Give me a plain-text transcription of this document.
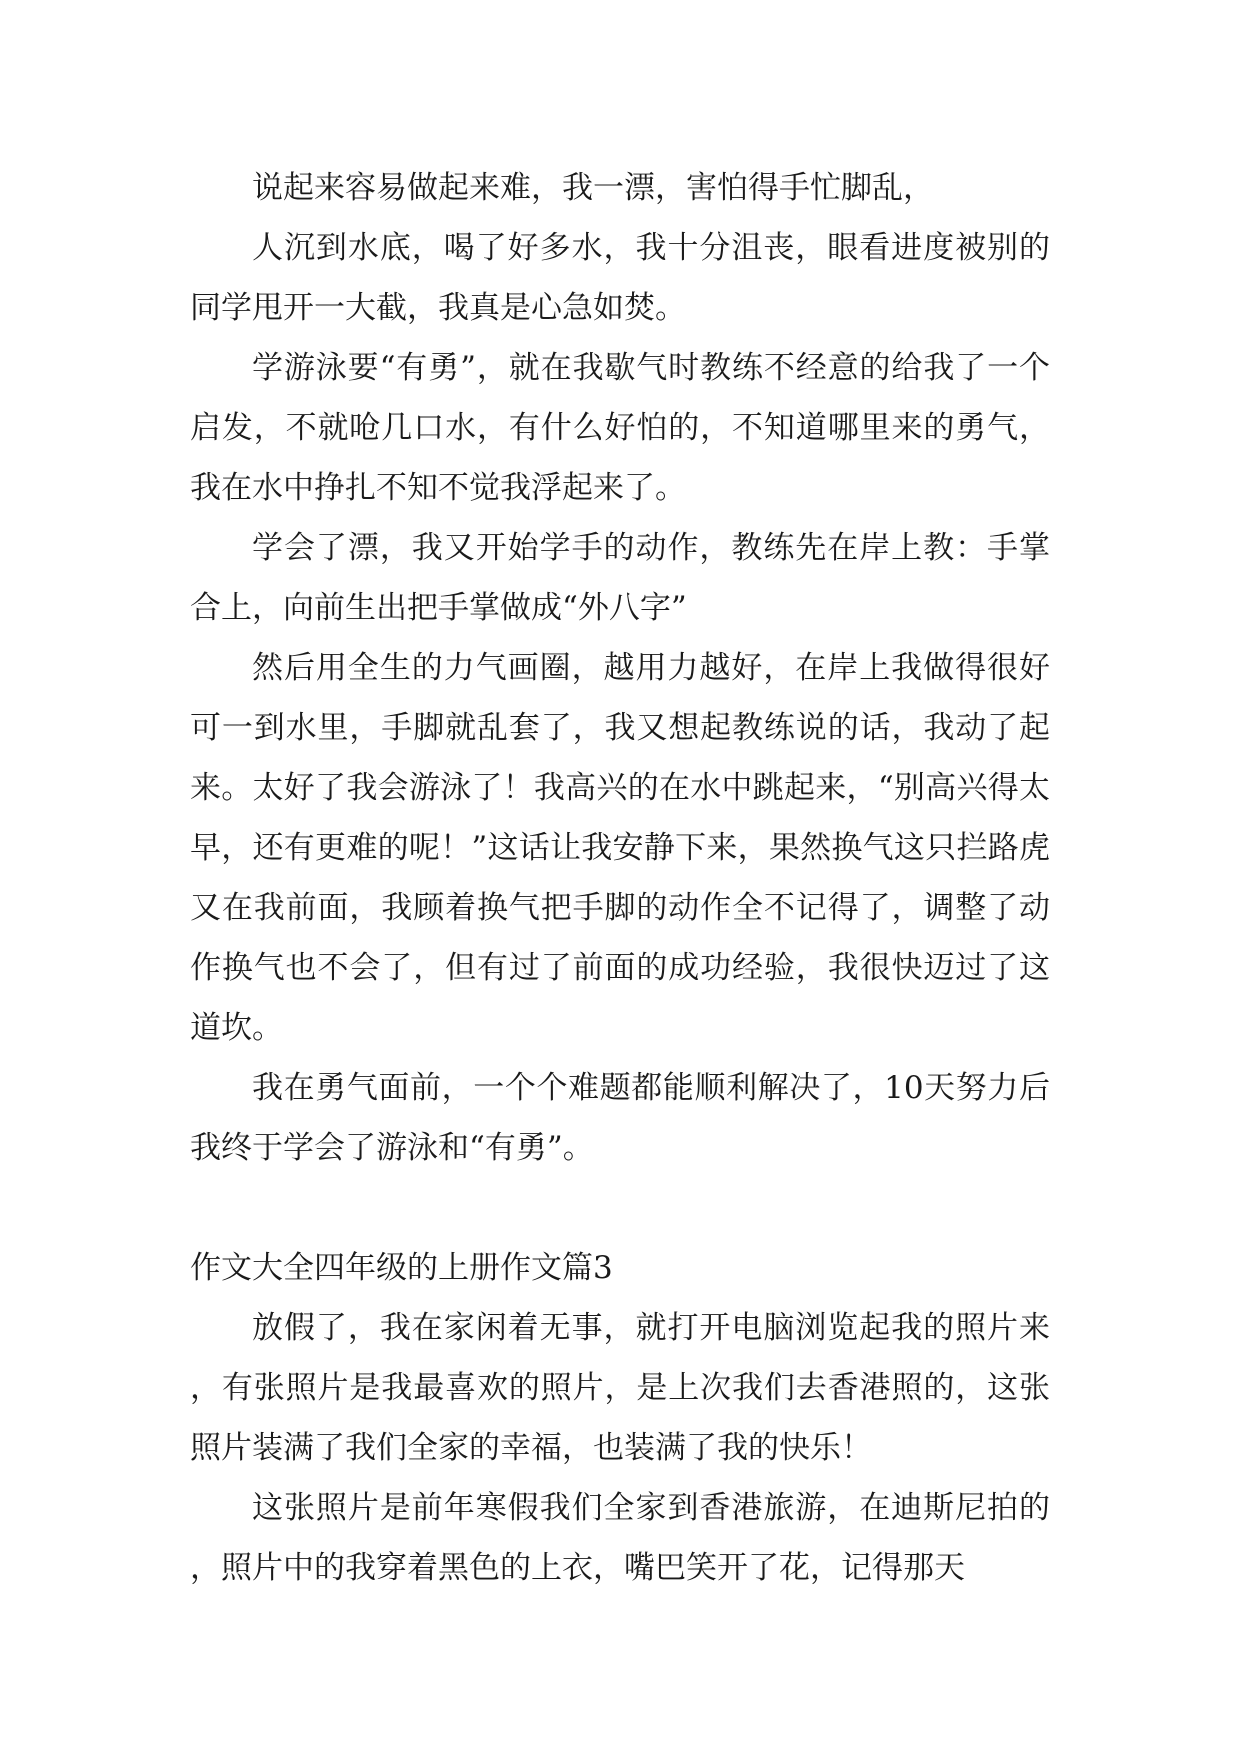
说起来容易做起来难，我一漂，害怕得手忙脚乱，

人沉到水底，喝了好多水，我十分沮丧，眼看进度被别的同学甩开一大截，我真是心急如焚。

学游泳要“有勇”，就在我歇气时教练不经意的给我了一个启发，不就呛几口水，有什么好怕的，不知道哪里来的勇气，我在水中挣扎不知不觉我浮起来了。

学会了漂，我又开始学手的动作，教练先在岸上教：手掌合上，向前生出把手掌做成“外八字”

然后用全生的力气画圈，越用力越好，在岸上我做得很好可一到水里，手脚就乱套了，我又想起教练说的话，我动了起来。太好了我会游泳了！我高兴的在水中跳起来，“别高兴得太早，还有更难的呢！”这话让我安静下来，果然换气这只拦路虎又在我前面，我顾着换气把手脚的动作全不记得了，调整了动作换气也不会了，但有过了前面的成功经验，我很快迈过了这道坎。

我在勇气面前，一个个难题都能顺利解决了，10天努力后我终于学会了游泳和“有勇”。

作文大全四年级的上册作文篇3

放假了，我在家闲着无事，就打开电脑浏览起我的照片来，有张照片是我最喜欢的照片，是上次我们去香港照的，这张照片装满了我们全家的幸福，也装满了我的快乐！

这张照片是前年寒假我们全家到香港旅游，在迪斯尼拍的，照片中的我穿着黑色的上衣，嘴巴笑开了花，记得那天
